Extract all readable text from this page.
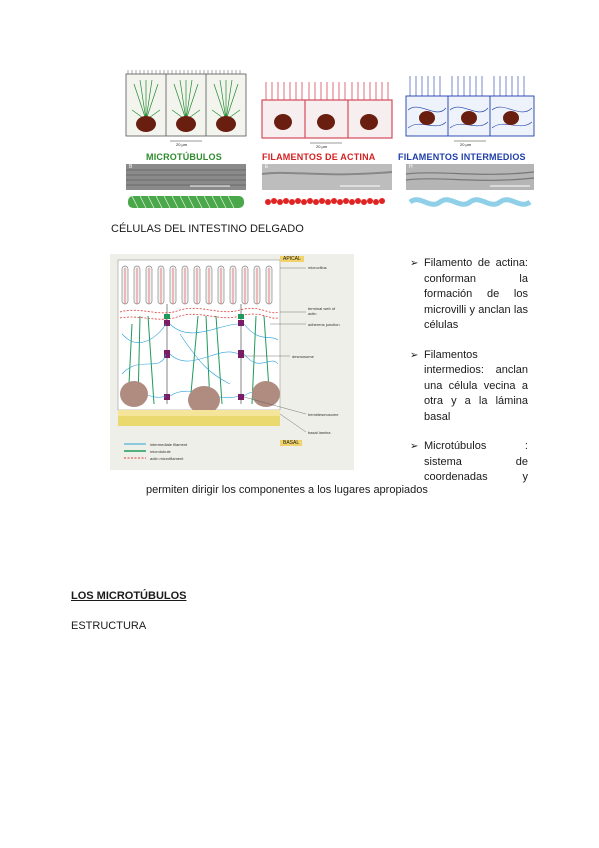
20 µm	20 µm	20 µm
B	E	H
MICROTÚBULOS	FILAMENTOS DE ACTINA	FILAMENTOS INTERMEDIOS
CÉLULAS DEL INTESTINO DELGADO
APICAL
BASAL
microvillus
terminal web of actin
adherens junction
desmosome
hemidesmosome
basal lamina
intermediate filament
microtubule
actin microfilament
➢ Filamento de actina: conforman la formación de los microvilli y anclan las células
➢ Filamentos intermedios: anclan una célula vecina a otra y a la lámina basal
➢ Microtúbulos : sistema de coordenadas y
permiten dirigir los componentes a los lugares apropiados
LOS MICROTÚBULOS
ESTRUCTURA
